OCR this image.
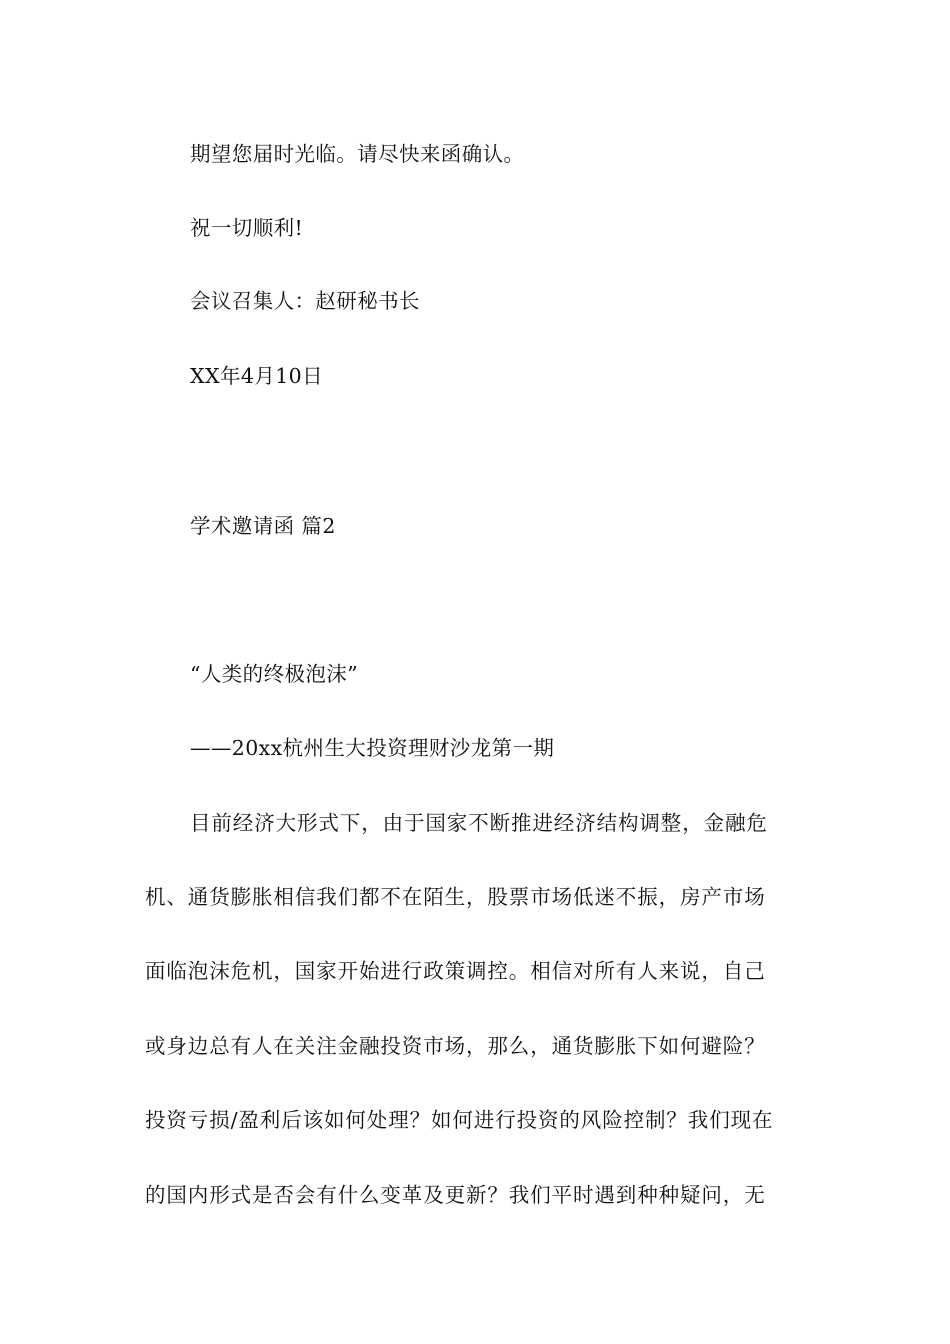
期望您届时光临。请尽快来函确认。
祝一切顺利!
会议召集人：赵研秘书长
XX年4月10日
学术邀请函 篇2
“人类的终极泡沫”
——20xx杭州生大投资理财沙龙第一期
目前经济大形式下，由于国家不断推进经济结构调整，金融危
机、通货膨胀相信我们都不在陌生，股票市场低迷不振，房产市场
面临泡沫危机，国家开始进行政策调控。相信对所有人来说，自己
或身边总有人在关注金融投资市场，那么，通货膨胀下如何避险？
投资亏损/盈利后该如何处理？如何进行投资的风险控制？我们现在
的国内形式是否会有什么变革及更新？我们平时遇到种种疑问，无
